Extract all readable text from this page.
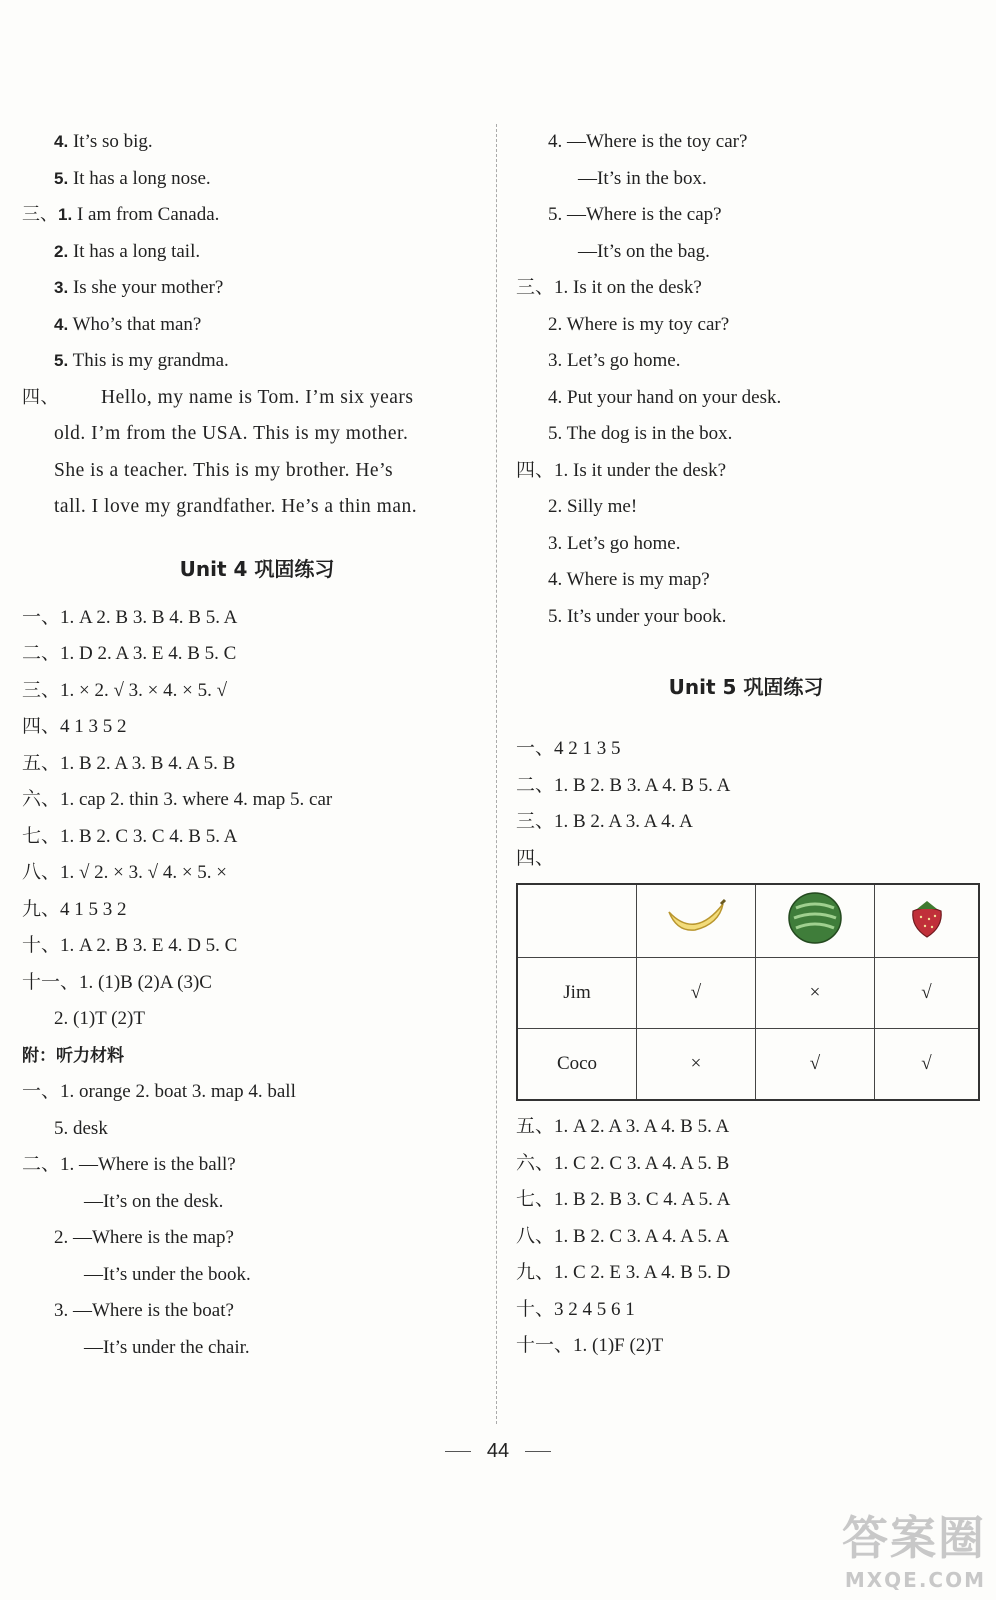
4. It’s so big.
5. It has a long nose.
三、1. I am from Canada.
2. It has a long tail.
3. Is she your mother?
4. Who’s that man?
5. This is my grandma.
四、 Hello, my name is Tom. I’m six years
old. I’m from the USA. This is my mother.
She is a teacher. This is my brother. He’s
tall. I love my grandfather. He’s a thin man.
Unit 4 巩固练习
一、1. A 2. B 3. B 4. B 5. A
二、1. D 2. A 3. E 4. B 5. C
三、1. × 2. √ 3. × 4. × 5. √
四、4 1 3 5 2
五、1. B 2. A 3. B 4. A 5. B
六、1. cap 2. thin 3. where 4. map 5. car
七、1. B 2. C 3. C 4. B 5. A
八、1. √ 2. × 3. √ 4. × 5. ×
九、4 1 5 3 2
十、1. A 2. B 3. E 4. D 5. C
十一、1. (1)B (2)A (3)C
2. (1)T (2)T
附：听力材料
一、1. orange 2. boat 3. map 4. ball
5. desk
二、1. —Where is the ball?
—It’s on the desk.
2. —Where is the map?
—It’s under the book.
3. —Where is the boat?
—It’s under the chair.
4. —Where is the toy car?
—It’s in the box.
5. —Where is the cap?
—It’s on the bag.
三、1. Is it on the desk?
2. Where is my toy car?
3. Let’s go home.
4. Put your hand on your desk.
5. The dog is in the box.
四、1. Is it under the desk?
2. Silly me!
3. Let’s go home.
4. Where is my map?
5. It’s under your book.
Unit 5 巩固练习
一、4 2 1 3 5
二、1. B 2. B 3. A 4. B 5. A
三、1. B 2. A 3. A 4. A
四、

Jim	√	×	√
Coco	×	√	√
五、1. A 2. A 3. A 4. B 5. A
六、1. C 2. C 3. A 4. A 5. B
七、1. B 2. B 3. C 4. A 5. A
八、1. B 2. C 3. A 4. A 5. A
九、1. C 2. E 3. A 4. B 5. D
十、3 2 4 5 6 1
十一、1. (1)F (2)T
44
答案圈
MXQE.COM
